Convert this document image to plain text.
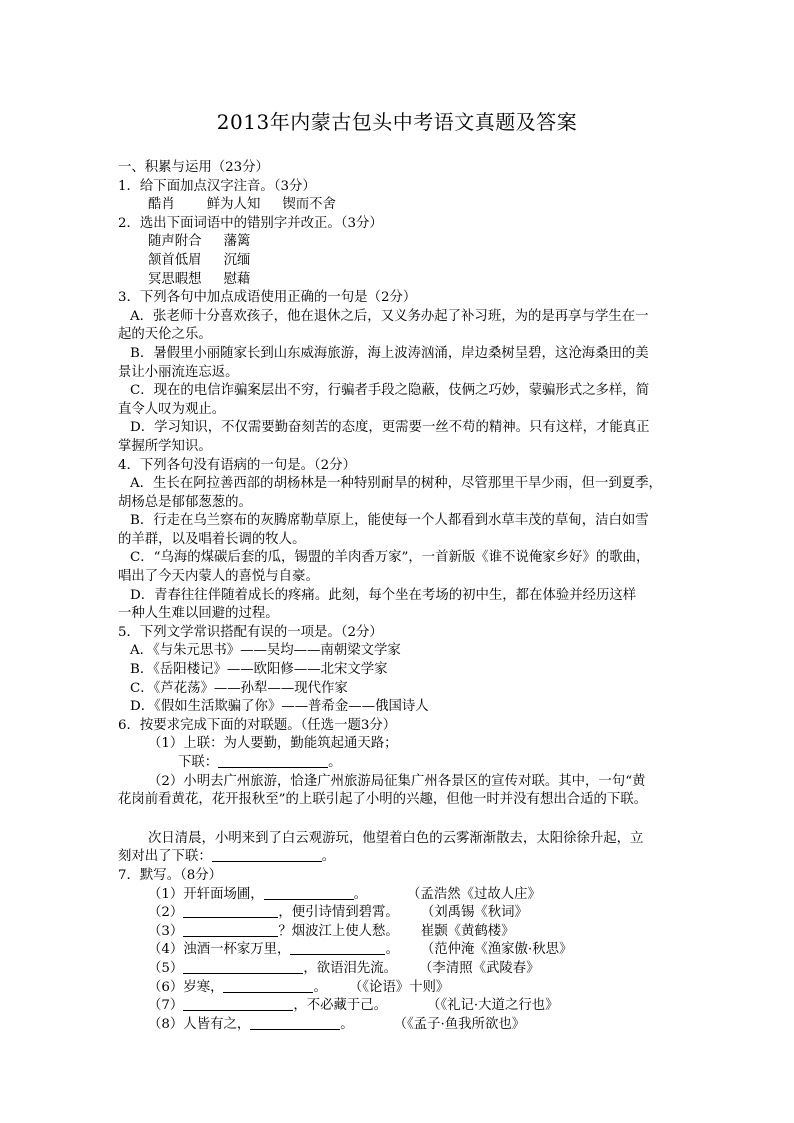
2013年内蒙古包头中考语文真题及答案
一、积累与运用（23分）
1．给下面加点汉字注音。（3分）
酷肖 鲜为人知 锲而不舍
2．选出下面词语中的错别字并改正。（3分）
随声附合 藩篱
颔首低眉 沉缅
冥思暇想 慰藉
3．下列各句中加点成语使用正确的一句是（2分）
A．张老师十分喜欢孩子，他在退休之后，又义务办起了补习班，为的是再享与学生在一
起的天伦之乐。
B．暑假里小丽随家长到山东威海旅游，海上波涛汹涌，岸边桑树呈碧，这沧海桑田的美
景让小丽流连忘返。
C．现在的电信诈骗案层出不穷，行骗者手段之隐蔽，伎俩之巧妙，蒙骗形式之多样，简
直令人叹为观止。
D．学习知识，不仅需要勤奋刻苦的态度，更需要一丝不苟的精神。只有这样，才能真正
掌握所学知识。
4．下列各句没有语病的一句是。（2分）
A．生长在阿拉善西部的胡杨林是一种特别耐旱的树种，尽管那里干旱少雨，但一到夏季，
胡杨总是郁郁葱葱的。
B．行走在乌兰察布的灰腾席勒草原上，能使每一个人都看到水草丰茂的草甸，洁白如雪
的羊群，以及唱着长调的牧人。
C．“乌海的煤碳后套的瓜，锡盟的羊肉香万家”，一首新版《谁不说俺家乡好》的歌曲，
唱出了今天内蒙人的喜悦与自豪。
D．青春往往伴随着成长的疼痛。此刻，每个坐在考场的初中生，都在体验并经历这样
一种人生难以回避的过程。
5．下列文学常识搭配有误的一项是。（2分）
A．《与朱元思书》——吴均——南朝梁文学家
B．《岳阳楼记》——欧阳修——北宋文学家
C．《芦花荡》——孙犁——现代作家
D．《假如生活欺骗了你》——普希金——俄国诗人
6．按要求完成下面的对联题。（任选一题3分）
（1）上联：为人要勤，勤能筑起通天路；
下联：	。
（2）小明去广州旅游，恰逢广州旅游局征集广州各景区的宣传对联。其中，一句“黄
花岗前看黄花，花开报秋至”的上联引起了小明的兴趣，但他一时并没有想出合适的下联。
次日清晨，小明来到了白云观游玩，他望着白色的云雾渐渐散去，太阳徐徐升起，立
刻对出了下联：	。
7．默写。（8分）
（1）开轩面场圃，	。	（孟浩然《过故人庄》
（2）	，便引诗情到碧霄。 （刘禹锡《秋词》
（3）	？烟波江上使人愁。 崔颢《黄鹤楼》
（4）浊酒一杯家万里，	。 （范仲淹《渔家傲·秋思》
（5）	，欲语泪先流。 （李清照《武陵春》
（6）岁寒，	。 （《论语》十则》
（7）	，不必藏于己。	（《礼记·大道之行也》
（8）人皆有之，	。	（《孟子·鱼我所欲也》
